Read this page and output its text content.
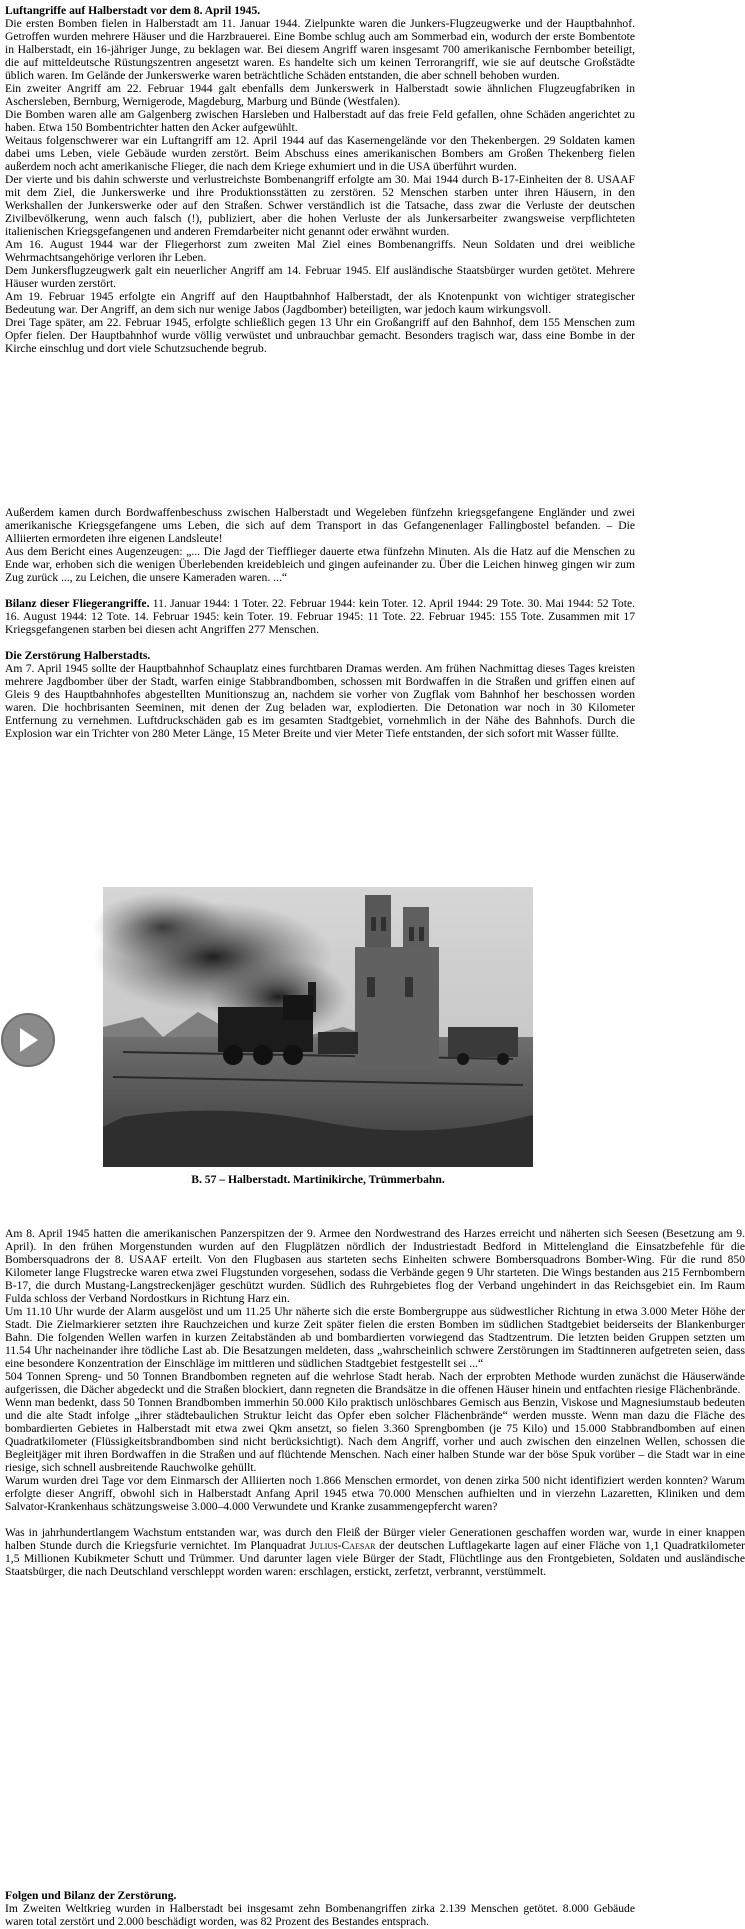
Luftangriffe auf Halberstadt vor dem 8. April 1945.

Die ersten Bomben fielen in Halberstadt am 11. Januar 1944. Zielpunkte waren die Junkers-Flugzeugwerke und der Hauptbahnhof. Getroffen wurden mehrere Häuser und die Harzbrauerei. Eine Bombe schlug auch am Sommerbad ein, wodurch der erste Bombentote in Halberstadt, ein 16-jähriger Junge, zu beklagen war. Bei diesem Angriff waren insgesamt 700 amerikanische Fernbomber beteiligt, die auf mitteldeutsche Rüstungszentren angesetzt waren. Es handelte sich um keinen Terrorangriff, wie sie auf deutsche Großstädte üblich waren. Im Gelände der Junkerswerke waren beträchtliche Schäden entstanden, die aber schnell behoben wurden.

Ein zweiter Angriff am 22. Februar 1944 galt ebenfalls dem Junkerswerk in Halberstadt sowie ähnlichen Flugzeugfabriken in Aschersleben, Bernburg, Wernigerode, Magdeburg, Marburg und Bünde (Westfalen).

Die Bomben waren alle am Galgenberg zwischen Harsleben und Halberstadt auf das freie Feld gefallen, ohne Schäden angerichtet zu haben. Etwa 150 Bombentrichter hatten den Acker aufgewühlt.

Weitaus folgenschwerer war ein Luftangriff am 12. April 1944 auf das Kasernengelände vor den Thekenbergen. 29 Soldaten kamen dabei ums Leben, viele Gebäude wurden zerstört. Beim Abschuss eines amerikanischen Bombers am Großen Thekenberg fielen außerdem noch acht amerikanische Flieger, die nach dem Kriege exhumiert und in die USA überführt wurden.

Der vierte und bis dahin schwerste und verlustreichste Bombenangriff erfolgte am 30. Mai 1944 durch B-17-Einheiten der 8. USAAF mit dem Ziel, die Junkerswerke und ihre Produktionsstätten zu zerstören. 52 Menschen starben unter ihren Häusern, in den Werkshallen der Junkerswerke oder auf den Straßen. Schwer verständlich ist die Tatsache, dass zwar die Verluste der deutschen Zivilbevölkerung, wenn auch falsch (!), publiziert, aber die hohen Verluste der als Junkersarbeiter zwangsweise verpflichteten italienischen Kriegsgefangenen und anderen Fremdarbeiter nicht genannt oder erwähnt wurden.

Am 16. August 1944 war der Fliegerhorst zum zweiten Mal Ziel eines Bombenangriffs. Neun Soldaten und drei weibliche Wehrmachtsangehörige verloren ihr Leben.

Dem Junkersflugzeugwerk galt ein neuerlicher Angriff am 14. Februar 1945. Elf ausländische Staatsbürger wurden getötet. Mehrere Häuser wurden zerstört.

Am 19. Februar 1945 erfolgte ein Angriff auf den Hauptbahnhof Halberstadt, der als Knotenpunkt von wichtiger strategischer Bedeutung war. Der Angriff, an dem sich nur wenige Jabos (Jagdbomber) beteiligten, war jedoch kaum wirkungsvoll.

Drei Tage später, am 22. Februar 1945, erfolgte schließlich gegen 13 Uhr ein Großangriff auf den Bahnhof, dem 155 Menschen zum Opfer fielen. Der Hauptbahnhof wurde völlig verwüstet und unbrauchbar gemacht. Besonders tragisch war, dass eine Bombe in der Kirche einschlug und dort viele Schutzsuchende begrub.

Außerdem kamen durch Bordwaffenbeschuss zwischen Halberstadt und Wegeleben fünfzehn kriegsgefangene Engländer und zwei amerikanische Kriegsgefangene ums Leben, die sich auf dem Transport in das Gefangenenlager Fallingbostel befanden. – Die Alliierten ermordeten ihre eigenen Landsleute!

Aus dem Bericht eines Augenzeugen: „... Die Jagd der Tiefflieger dauerte etwa fünfzehn Minuten. Als die Hatz auf die Menschen zu Ende war, erhoben sich die wenigen Überlebenden kreidebleich und gingen aufeinander zu. Über die Leichen hinweg gingen wir zum Zug zurück ..., zu Leichen, die unsere Kameraden waren. ...“

Bilanz dieser Fliegerangriffe. 11. Januar 1944: 1 Toter. 22. Februar 1944: kein Toter. 12. April 1944: 29 Tote. 30. Mai 1944: 52 Tote. 16. August 1944: 12 Tote. 14. Februar 1945: kein Toter. 19. Februar 1945: 11 Tote. 22. Februar 1945: 155 Tote. Zusammen mit 17 Kriegsgefangenen starben bei diesen acht Angriffen 277 Menschen.

Die Zerstörung Halberstadts.

Am 7. April 1945 sollte der Hauptbahnhof Schauplatz eines furchtbaren Dramas werden. Am frühen Nachmittag dieses Tages kreisten mehrere Jagdbomber über der Stadt, warfen einige Stabbrandbomben, schossen mit Bordwaffen in die Straßen und griffen einen auf Gleis 9 des Hauptbahnhofes abgestellten Munitionszug an, nachdem sie vorher von Zugflak vom Bahnhof her beschossen worden waren. Die hochbrisanten Seeminen, mit denen der Zug beladen war, explodierten. Die Detonation war noch in 30 Kilometer Entfernung zu vernehmen. Luftdruckschäden gab es im gesamten Stadtgebiet, vornehmlich in der Nähe des Bahnhofs. Durch die Explosion war ein Trichter von 280 Meter Länge, 15 Meter Breite und vier Meter Tiefe entstanden, der sich sofort mit Wasser füllte.

B. 57 – Halberstadt. Martinikirche, Trümmerbahn.

Am 8. April 1945 hatten die amerikanischen Panzerspitzen der 9. Armee den Nordwestrand des Harzes erreicht und näherten sich Seesen (Besetzung am 9. April). In den frühen Morgenstunden wurden auf den Flugplätzen nördlich der Industriestadt Bedford in Mittelengland die Einsatzbefehle für die Bombersquadrons der 8. USAAF erteilt. Von den Flugbasen aus starteten sechs Einheiten schwere Bombersquadrons Bomber-Wing. Für die rund 850 Kilometer lange Flugstrecke waren etwa zwei Flugstunden vorgesehen, sodass die Verbände gegen 9 Uhr starteten. Die Wings bestanden aus 215 Fernbombern B-17, die durch Mustang-Langstreckenjäger geschützt wurden. Südlich des Ruhrgebietes flog der Verband ungehindert in das Reichsgebiet ein. Im Raum Fulda schloss der Verband Nordostkurs in Richtung Harz ein.

Um 11.10 Uhr wurde der Alarm ausgelöst und um 11.25 Uhr näherte sich die erste Bombergruppe aus südwestlicher Richtung in etwa 3.000 Meter Höhe der Stadt. Die Zielmarkierer setzten ihre Rauchzeichen und kurze Zeit später fielen die ersten Bomben im südlichen Stadtgebiet beiderseits der Blankenburger Bahn. Die folgenden Wellen warfen in kurzen Zeitabständen ab und bombardierten vorwiegend das Stadtzentrum. Die letzten beiden Gruppen setzten um 11.54 Uhr nacheinander ihre tödliche Last ab. Die Besatzungen meldeten, dass „wahrscheinlich schwere Zerstörungen im Stadtinneren aufgetreten seien, dass eine besondere Konzentration der Einschläge im mittleren und südlichen Stadtgebiet festgestellt sei ...“

504 Tonnen Spreng- und 50 Tonnen Brandbomben regneten auf die wehrlose Stadt herab. Nach der erprobten Methode wurden zunächst die Häuserwände aufgerissen, die Dächer abgedeckt und die Straßen blockiert, dann regneten die Brandsätze in die offenen Häuser hinein und entfachten riesige Flächenbrände.

Wenn man bedenkt, dass 50 Tonnen Brandbomben immerhin 50.000 Kilo praktisch unlöschbares Gemisch aus Benzin, Viskose und Magnesiumstaub bedeuten und die alte Stadt infolge „ihrer städtebaulichen Struktur leicht das Opfer eben solcher Flächenbrände“ werden musste. Wenn man dazu die Fläche des bombardierten Gebietes in Halberstadt mit etwa zwei Qkm ansetzt, so fielen 3.360 Sprengbomben (je 75 Kilo) und 15.000 Stabbrandbomben auf einen Quadratkilometer (Flüssigkeitsbrandbomben sind nicht berücksichtigt). Nach dem Angriff, vorher und auch zwischen den einzelnen Wellen, schossen die Begleitjäger mit ihren Bordwaffen in die Straßen und auf flüchtende Menschen. Nach einer halben Stunde war der böse Spuk vorüber – die Stadt war in eine riesige, sich schnell ausbreitende Rauchwolke gehüllt.

Warum wurden drei Tage vor dem Einmarsch der Alliierten noch 1.866 Menschen ermordet, von denen zirka 500 nicht identifiziert werden konnten? Warum erfolgte dieser Angriff, obwohl sich in Halberstadt Anfang April 1945 etwa 70.000 Menschen aufhielten und in vierzehn Lazaretten, Kliniken und dem Salvator-Krankenhaus schätzungsweise 3.000–4.000 Verwundete und Kranke zusammengepfercht waren?

Was in jahrhundertlangem Wachstum entstanden war, was durch den Fleiß der Bürger vieler Generationen geschaffen worden war, wurde in einer knappen halben Stunde durch die Kriegsfurie vernichtet. Im Planquadrat Julius-Caesar der deutschen Luftlagekarte lagen auf einer Fläche von 1,1 Quadratkilometer 1,5 Millionen Kubikmeter Schutt und Trümmer. Und darunter lagen viele Bürger der Stadt, Flüchtlinge aus den Frontgebieten, Soldaten und ausländische Staatsbürger, die nach Deutschland verschleppt worden waren: erschlagen, erstickt, zerfetzt, verbrannt, verstümmelt.

Folgen und Bilanz der Zerstörung.

Im Zweiten Weltkrieg wurden in Halberstadt bei insgesamt zehn Bombenangriffen zirka 2.139 Menschen getötet. 8.000 Gebäude waren total zerstört und 2.000 beschädigt worden, was 82 Prozent des Bestandes entsprach.
